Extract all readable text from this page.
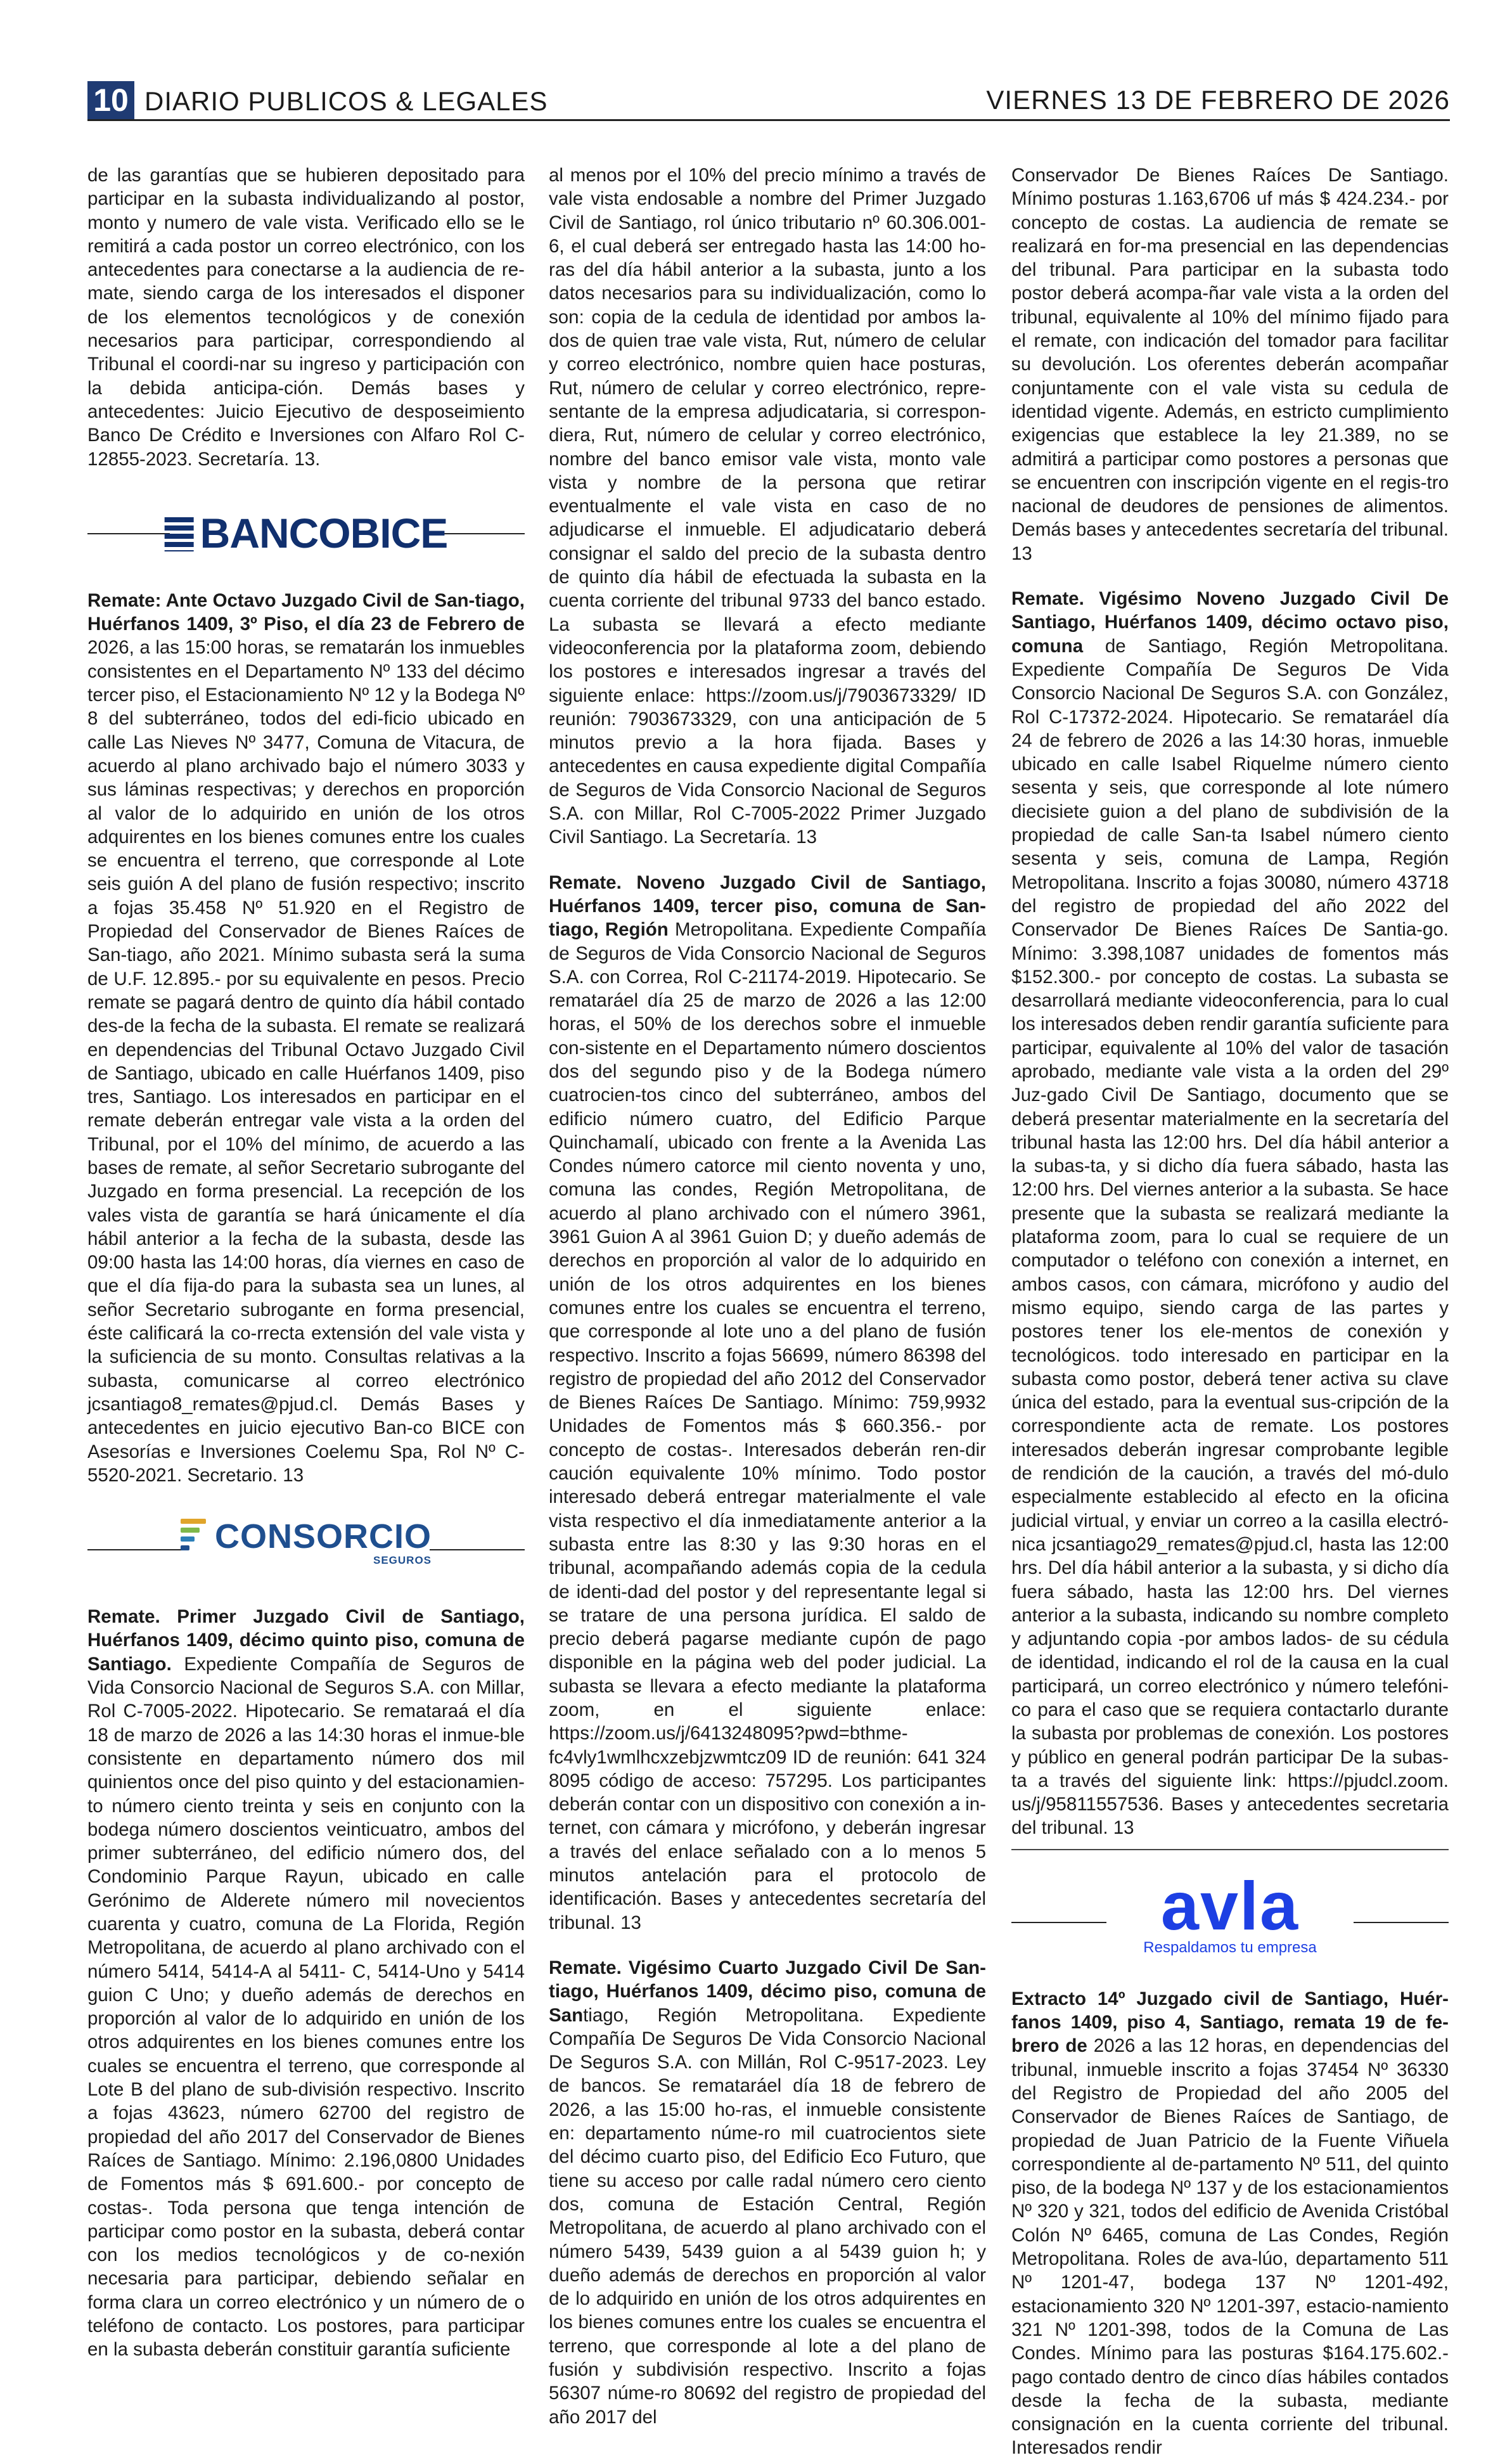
10 DIARIO PUBLICOS & LEGALES	VIERNES 13 DE FEBRERO DE 2026

de las garantías que se hubieren depositado para participar en la subasta individualizando al postor, monto y numero de vale vista. Verificado ello se le remitirá a cada postor un correo electrónico, con los antecedentes para conectarse a la audiencia de re-mate, siendo carga de los interesados el disponer de los elementos tecnológicos y de conexión necesarios para participar, correspondiendo al Tribunal el coordi-nar su ingreso y participación con la debida anticipa-ción. Demás bases y antecedentes: Juicio Ejecutivo de desposeimiento Banco De Crédito e Inversiones con Alfaro Rol C-12855-2023. Secretaría. 13.

BANCOBICE

Remate: Ante Octavo Juzgado Civil de San-tiago, Huérfanos 1409, 3º Piso, el día 23 de Febrero de 2026, a las 15:00 horas, se rematarán los inmuebles consistentes en el Departamento Nº 133 del décimo tercer piso, el Estacionamiento Nº 12 y la Bodega Nº 8 del subterráneo, todos del edi-ficio ubicado en calle Las Nieves Nº 3477, Comuna de Vitacura, de acuerdo al plano archivado bajo el número 3033 y sus láminas respectivas; y derechos en proporción al valor de lo adquirido en unión de los otros adquirentes en los bienes comunes entre los cuales se encuentra el terreno, que corresponde al Lote seis guión A del plano de fusión respectivo; inscrito a fojas 35.458 Nº 51.920 en el Registro de Propiedad del Conservador de Bienes Raíces de San-tiago, año 2021. Mínimo subasta será la suma de U.F. 12.895.- por su equivalente en pesos. Precio remate se pagará dentro de quinto día hábil contado des-de la fecha de la subasta. El remate se realizará en dependencias del Tribunal Octavo Juzgado Civil de Santiago, ubicado en calle Huérfanos 1409, piso tres, Santiago. Los interesados en participar en el remate deberán entregar vale vista a la orden del Tribunal, por el 10% del mínimo, de acuerdo a las bases de remate, al señor Secretario subrogante del Juzgado en forma presencial. La recepción de los vales vista de garantía se hará únicamente el día hábil anterior a la fecha de la subasta, desde las 09:00 hasta las 14:00 horas, día viernes en caso de que el día fija-do para la subasta sea un lunes, al señor Secretario subrogante en forma presencial, éste calificará la co-rrecta extensión del vale vista y la suficiencia de su monto. Consultas relativas a la subasta, comunicarse al correo electrónico jcsantiago8_remates@pjud.cl. Demás Bases y antecedentes en juicio ejecutivo Ban-co BICE con Asesorías e Inversiones Coelemu Spa, Rol Nº C-5520-2021. Secretario. 13

CONSORCIO
SEGUROS

Remate. Primer Juzgado Civil de Santiago, Huérfanos 1409, décimo quinto piso, comuna de Santiago. Expediente Compañía de Seguros de Vida Consorcio Nacional de Seguros S.A. con Millar, Rol C-7005-2022. Hipotecario. Se remataraá el día 18 de marzo de 2026 a las 14:30 horas el inmue-ble consistente en departamento número dos mil quinientos once del piso quinto y del estacionamien-to número ciento treinta y seis en conjunto con la bodega número doscientos veinticuatro, ambos del primer subterráneo, del edificio número dos, del Condominio Parque Rayun, ubicado en calle Gerónimo de Alderete número mil novecientos cuarenta y cuatro, comuna de La Florida, Región Metropolitana, de acuerdo al plano archivado con el número 5414, 5414-A al 5411- C, 5414-Uno y 5414 guion C Uno; y dueño además de derechos en proporción al valor de lo adquirido en unión de los otros adquirentes en los bienes comunes entre los cuales se encuentra el terreno, que corresponde al Lote B del plano de sub-división respectivo. Inscrito a fojas 43623, número 62700 del registro de propiedad del año 2017 del Conservador de Bienes Raíces de Santiago. Mínimo: 2.196,0800 Unidades de Fomentos más $ 691.600.- por concepto de costas-. Toda persona que tenga intención de participar como postor en la subasta, deberá contar con los medios tecnológicos y de co-nexión necesaria para participar, debiendo señalar en forma clara un correo electrónico y un número de o teléfono de contacto. Los postores, para participar en la subasta deberán constituir garantía suficiente

al menos por el 10% del precio mínimo a través de vale vista endosable a nombre del Primer Juzgado Civil de Santiago, rol único tributario nº 60.306.001-6, el cual deberá ser entregado hasta las 14:00 ho-ras del día hábil anterior a la subasta, junto a los datos necesarios para su individualización, como lo son: copia de la cedula de identidad por ambos la-dos de quien trae vale vista, Rut, número de celular y correo electrónico, nombre quien hace posturas, Rut, número de celular y correo electrónico, repre-sentante de la empresa adjudicataria, si correspon-diera, Rut, número de celular y correo electrónico, nombre del banco emisor vale vista, monto vale vista y nombre de la persona que retirar eventualmente el vale vista en caso de no adjudicarse el inmueble. El adjudicatario deberá consignar el saldo del precio de la subasta dentro de quinto día hábil de efectuada la subasta en la cuenta corriente del tribunal 9733 del banco estado. La subasta se llevará a efecto mediante videoconferencia por la plataforma zoom, debiendo los postores e interesados ingresar a través del siguiente enlace: https://zoom.us/j/7903673329/ ID reunión: 7903673329, con una anticipación de 5 minutos previo a la hora fijada. Bases y antecedentes en causa expediente digital Compañía de Seguros de Vida Consorcio Nacional de Seguros S.A. con Millar, Rol C-7005-2022 Primer Juzgado Civil Santiago. La Secretaría. 13

Remate. Noveno Juzgado Civil de Santiago, Huérfanos 1409, tercer piso, comuna de San-tiago, Región Metropolitana. Expediente Compañía de Seguros de Vida Consorcio Nacional de Seguros S.A. con Correa, Rol C-21174-2019. Hipotecario. Se remataráel día 25 de marzo de 2026 a las 12:00 horas, el 50% de los derechos sobre el inmueble con-sistente en el Departamento número doscientos dos del segundo piso y de la Bodega número cuatrocien-tos cinco del subterráneo, ambos del edificio número cuatro, del Edificio Parque Quinchamalí, ubicado con frente a la Avenida Las Condes número catorce mil ciento noventa y uno, comuna las condes, Región Metropolitana, de acuerdo al plano archivado con el número 3961, 3961 Guion A al 3961 Guion D; y dueño además de derechos en proporción al valor de lo adquirido en unión de los otros adquirentes en los bienes comunes entre los cuales se encuentra el terreno, que corresponde al lote uno a del plano de fusión respectivo. Inscrito a fojas 56699, número 86398 del registro de propiedad del año 2012 del Conservador de Bienes Raíces De Santiago. Mínimo: 759,9932 Unidades de Fomentos más $ 660.356.- por concepto de costas-. Interesados deberán ren-dir caución equivalente 10% mínimo. Todo postor interesado deberá entregar materialmente el vale vista respectivo el día inmediatamente anterior a la subasta entre las 8:30 y las 9:30 horas en el tribunal, acompañando además copia de la cedula de identi-dad del postor y del representante legal si se tratare de una persona jurídica. El saldo de precio deberá pagarse mediante cupón de pago disponible en la página web del poder judicial. La subasta se llevara a efecto mediante la plataforma zoom, en el siguiente enlace: https://zoom.us/j/6413248095?pwd=bthme-fc4vly1wmlhcxzebjzwmtcz09 ID de reunión: 641 324 8095 código de acceso: 757295. Los participantes deberán contar con un dispositivo con conexión a in-ternet, con cámara y micrófono, y deberán ingresar a través del enlace señalado con a lo menos 5 minutos antelación para el protocolo de identificación. Bases y antecedentes secretaría del tribunal. 13

Remate. Vigésimo Cuarto Juzgado Civil De San-tiago, Huérfanos 1409, décimo piso, comuna de Santiago, Región Metropolitana. Expediente Compañía De Seguros De Vida Consorcio Nacional De Seguros S.A. con Millán, Rol C-9517-2023. Ley de bancos. Se remataráel día 18 de febrero de 2026, a las 15:00 ho-ras, el inmueble consistente en: departamento núme-ro mil cuatrocientos siete del décimo cuarto piso, del Edificio Eco Futuro, que tiene su acceso por calle radal número cero ciento dos, comuna de Estación Central, Región Metropolitana, de acuerdo al plano archivado con el número 5439, 5439 guion a al 5439 guion h; y dueño además de derechos en proporción al valor de lo adquirido en unión de los otros adquirentes en los bienes comunes entre los cuales se encuentra el terreno, que corresponde al lote a del plano de fusión y subdivisión respectivo. Inscrito a fojas 56307 núme-ro 80692 del registro de propiedad del año 2017 del

Conservador De Bienes Raíces De Santiago. Mínimo posturas 1.163,6706 uf más $ 424.234.- por concepto de costas. La audiencia de remate se realizará en for-ma presencial en las dependencias del tribunal. Para participar en la subasta todo postor deberá acompa-ñar vale vista a la orden del tribunal, equivalente al 10% del mínimo fijado para el remate, con indicación del tomador para facilitar su devolución. Los oferentes deberán acompañar conjuntamente con el vale vista su cedula de identidad vigente. Además, en estricto cumplimiento exigencias que establece la ley 21.389, no se admitirá a participar como postores a personas que se encuentren con inscripción vigente en el regis-tro nacional de deudores de pensiones de alimentos. Demás bases y antecedentes secretaría del tribunal. 13

Remate. Vigésimo Noveno Juzgado Civil De Santiago, Huérfanos 1409, décimo octavo piso, comuna de Santiago, Región Metropolitana. Expediente Compañía De Seguros De Vida Consorcio Nacional De Seguros S.A. con González, Rol C-17372-2024. Hipotecario. Se remataráel día 24 de febrero de 2026 a las 14:30 horas, inmueble ubicado en calle Isabel Riquelme número ciento sesenta y seis, que corresponde al lote número diecisiete guion a del plano de subdivisión de la propiedad de calle San-ta Isabel número ciento sesenta y seis, comuna de Lampa, Región Metropolitana. Inscrito a fojas 30080, número 43718 del registro de propiedad del año 2022 del Conservador De Bienes Raíces De Santia-go. Mínimo: 3.398,1087 unidades de fomentos más $152.300.- por concepto de costas. La subasta se desarrollará mediante videoconferencia, para lo cual los interesados deben rendir garantía suficiente para participar, equivalente al 10% del valor de tasación aprobado, mediante vale vista a la orden del 29º Juz-gado Civil De Santiago, documento que se deberá presentar materialmente en la secretaría del tribunal hasta las 12:00 hrs. Del día hábil anterior a la subas-ta, y si dicho día fuera sábado, hasta las 12:00 hrs. Del viernes anterior a la subasta. Se hace presente que la subasta se realizará mediante la plataforma zoom, para lo cual se requiere de un computador o teléfono con conexión a internet, en ambos casos, con cámara, micrófono y audio del mismo equipo, siendo carga de las partes y postores tener los ele-mentos de conexión y tecnológicos. todo interesado en participar en la subasta como postor, deberá tener activa su clave única del estado, para la eventual sus-cripción de la correspondiente acta de remate. Los postores interesados deberán ingresar comprobante legible de rendición de la caución, a través del mó-dulo especialmente establecido al efecto en la oficina judicial virtual, y enviar un correo a la casilla electró-nica jcsantiago29_remates@pjud.cl, hasta las 12:00 hrs. Del día hábil anterior a la subasta, y si dicho día fuera sábado, hasta las 12:00 hrs. Del viernes anterior a la subasta, indicando su nombre completo y adjuntando copia -por ambos lados- de su cédula de identidad, indicando el rol de la causa en la cual participará, un correo electrónico y número telefóni-co para el caso que se requiera contactarlo durante la subasta por problemas de conexión. Los postores y público en general podrán participar De la subas-ta a través del siguiente link: https://pjudcl.zoom. us/j/95811557536. Bases y antecedentes secretaria del tribunal. 13

avla
Respaldamos tu empresa

Extracto 14º Juzgado civil de Santiago, Huér-fanos 1409, piso 4, Santiago, remata 19 de fe-brero de 2026 a las 12 horas, en dependencias del tribunal, inmueble inscrito a fojas 37454 Nº 36330 del Registro de Propiedad del año 2005 del Conservador de Bienes Raíces de Santiago, de propiedad de Juan Patricio de la Fuente Viñuela correspondiente al de-partamento Nº 511, del quinto piso, de la bodega Nº 137 y de los estacionamientos Nº 320 y 321, todos del edificio de Avenida Cristóbal Colón Nº 6465, comuna de Las Condes, Región Metropolitana. Roles de ava-lúo, departamento 511 Nº 1201-47, bodega 137 Nº 1201-492, estacionamiento 320 Nº 1201-397, estacio-namiento 321 Nº 1201-398, todos de la Comuna de Las Condes. Mínimo para las posturas $164.175.602.- pago contado dentro de cinco días hábiles contados desde la fecha de la subasta, mediante consignación en la cuenta corriente del tribunal. Interesados rendir
